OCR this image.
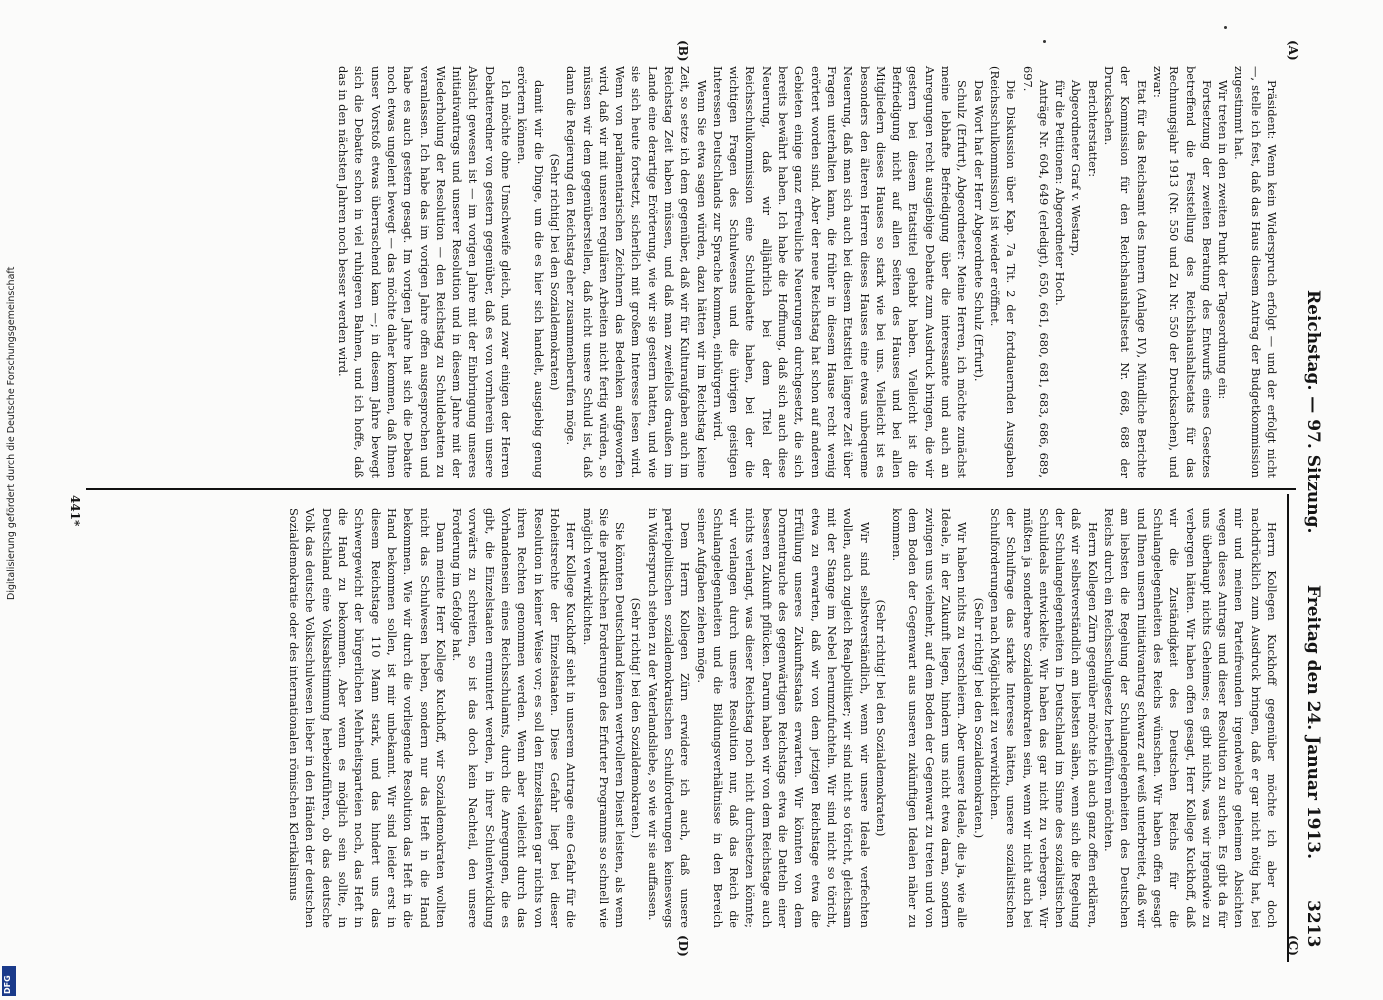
Reichstag. — 97. Sitzung.
Freitag den 24. Januar 1913.
3213

Präsident: Wenn kein Widerspruch erfolgt — und der erfolgt nicht —, stelle ich fest, daß das Haus diesem Antrag der Budgetkommission zugestimmt hat.

Wir treten in den zweiten Punkt der Tagesordnung ein:

Fortsetzung der zweiten Beratung des Entwurfs eines Gesetzes betreffend die Feststellung des Reichshaushaltsetats für das Rechnungsjahr 1913 (Nr. 550 und Zu Nr. 550 der Drucksachen), und zwar:

Etat für das Reichsamt des Innern (Anlage IV), Mündliche Berichte der Kommission für den Reichshaushaltsetat Nr. 668, 688 der Drucksachen.

Berichterstatter:

Abgeordneter Graf v. Westarp,

für die Petitionen: Abgeordneter Hoch.

Anträge Nr. 604, 649 (erledigt), 650, 661, 680, 681, 683, 686, 689, 697.

Die Diskussion über Kap. 7a Tit. 2 der fortdauernden Ausgaben (Reichsschulkommission) ist wieder eröffnet.

Das Wort hat der Herr Abgeordnete Schulz (Erfurt).

Schulz (Erfurt), Abgeordneter: Meine Herren, ich möchte zunächst meine lebhafte Befriedigung über die interessante und auch an Anregungen recht ausgiebige Debatte zum Ausdruck bringen, die wir gestern bei diesem Etatstitel gehabt haben. Vielleicht ist die Befriedigung nicht auf allen Seiten des Hauses und bei allen Mitgliedern dieses Hauses so stark wie bei uns. Vielleicht ist es besonders den älteren Herren dieses Hauses eine etwas unbequeme Neuerung, daß man sich auch bei diesem Etatstitel längere Zeit über Fragen unterhalten kann, die früher in diesem Hause recht wenig erörtert worden sind. Aber der neue Reichstag hat schon auf anderen Gebieten einige ganz erfreuliche Neuerungen durchgesetzt, die sich bereits bewährt haben. Ich habe die Hoffnung, daß sich auch diese Neuerung, daß wir alljährlich bei dem Titel der Reichsschulkommission eine Schuldebatte haben, bei der die wichtigen Fragen des Schulwesens und die übrigen geistigen Interessen Deutschlands zur Sprache kommen, einbürgern wird.

Wenn Sie etwa sagen würden, dazu hätten wir im Reichstag keine Zeit, so setze ich dem gegenüber, daß wir für Kulturaufgaben auch im Reichstag Zeit haben müssen, und daß man zweifellos draußen im Lande eine derartige Erörterung, wie wir sie gestern hatten, und wie sie sich heute fortsetzt, sicherlich mit großem Interesse lesen wird. Wenn von parlamentarischen Zeichnern das Bedenken aufgeworfen wird, daß wir mit unseren regulären Arbeiten nicht fertig würden, so müssen wir dem gegenüberstellen, daß nicht unsere Schuld ist, daß dann die Regierung den Reichstag eher zusammenberufen möge.

(Sehr richtig! bei den Sozialdemokraten)

damit wir die Dinge, um die es hier sich handelt, ausgiebig genug erörtern können.

Ich möchte ohne Umschweife gleich, und zwar einigen der Herren Debatteredner von gestern gegenüber, daß es von vornherein unsere Absicht gewesen ist — im vorigen Jahre mit der Einbringung unseres Initiativantrags und unserer Resolution und in diesem Jahre mit der Wiederholung der Resolution — den Reichstag zu Schuldebatten zu veranlassen. Ich habe das im vorigen Jahre offen ausgesprochen und habe es auch gestern gesagt. Im vorigen Jahre hat sich die Debatte noch etwas ungelent bewegt — das möchte daher kommen, daß Ihnen unser Vorstoß etwas überraschend kam —; in diesem Jahre bewegt sich die Debatte schon in viel ruhigeren Bahnen, und ich hoffe, daß das in den nächsten Jahren noch besser werden wird.

Herrn Kollegen Kuckhoff gegenüber möchte ich aber doch nachdrücklich zum Ausdruck bringen, daß er gar nicht nötig hat, bei mir und meinen Parteifreunden irgendwelche geheimen Absichten wegen dieses Antrags und dieser Resolution zu suchen. Es gibt da für uns überhaupt nichts Geheimes; es gibt nichts, was wir irgendwie zu verbergen hätten. Wir haben offen gesagt, Herr Kollege Kuckhoff, daß wir die Zuständigkeit des Deutschen Reichs für die Schulangelegenheiten des Reichs wünschen. Wir haben offen gesagt und Ihnen unsern Initiativantrag schwarz auf weiß unterbreitet, daß wir am liebsten die Regelung der Schulangelegenheiten des Deutschen Reichs durch ein Reichsschulgesetz herbeiführen möchten.

Herrn Kollegen Zürn gegenüber möchte ich auch ganz offen erklären, daß wir selbstverständlich am liebsten sähen, wenn sich die Regelung der Schulangelegenheiten in Deutschland im Sinne des sozialistischen Schulideals entwickelte. Wir haben das gar nicht zu verbergen. Wir müßten ja sonderbare Sozialdemokraten sein, wenn wir nicht auch bei der Schulfrage das starke Interesse hätten, unsere sozialistischen Schulforderungen nach Möglichkeit zu verwirklichen.

(Sehr richtig! bei den Sozialdemokraten.)

Wir haben nichts zu verschleiern. Aber unsere Ideale, die ja, wie alle Ideale, in der Zukunft liegen, hindern uns nicht etwa daran, sondern zwingen uns vielmehr, auf dem Boden der Gegenwart zu treten und von dem Boden der Gegenwart aus unseren zukünftigen Idealen näher zu kommen.

(Sehr richtig! bei den Sozialdemokraten)

Wir sind selbstverständlich, wenn wir unsere Ideale verfechten wollen, auch zugleich Realpolitiker; wir sind nicht so töricht, gleichsam mit der Stange im Nebel herumzufuchteln. Wir sind nicht so töricht, etwa zu erwarten, daß wir von dem jetzigen Reichstage etwa die Erfüllung unseres Zukunftsstaats erwarten. Wir könnten von dem Dornentrauche des gegenwärtigen Reichstags etwa die Datteln einer besseren Zukunft pflücken. Darum haben wir von dem Reichstage auch nichts verlangt, was dieser Reichstag noch nicht durchsetzen könnte; wir verlangen durch unsere Resolution nur, daß das Reich die Schulangelegenheiten und die Bildungsverhältnisse in den Bereich seiner Aufgaben ziehen möge.

Dem Herrn Kollegen Zürn erwidere ich auch, daß unsere parteipolitischen sozialdemokratischen Schulforderungen keineswegs in Widerspruch stehen zu der Vaterlandsliebe, so wie wir sie auffassen.

(Sehr richtig! bei den Sozialdemokraten.)

Sie könnten Deutschland keinen wertvolleren Dienst leisten, als wenn Sie die praktischen Forderungen des Erfurter Programms so schnell wie möglich verwirklichten.

Herr Kollege Kuckhoff sieht in unserem Antrage eine Gefahr für die Hoheitsrechte der Einzelstaaten. Diese Gefahr liegt bei dieser Resolution in keiner Weise vor; es soll den Einzelstaaten gar nichts von ihren Rechten genommen werden. Wenn aber vielleicht durch das Vorhandensein eines Reichsschulamts, durch die Anregungen, die es gibt, die Einzelstaaten ermuntert werden, in ihrer Schulentwicklung vorwärts zu schreiten, so ist das doch kein Nachteil, den unsere Forderung im Gefolge hat.

Dann meinte Herr Kollege Kuckhoff, wir Sozialdemokraten wollten nicht das Schulwesen heben, sondern nur das Heft in die Hand bekommen. Wie wir durch die vorliegende Resolution das Heft in die Hand bekommen sollen, ist mir unbekannt. Wir sind leider erst in diesem Reichstage 110 Mann stark, und das hindert uns das Schwergewicht der bürgerlichen Mehrheitsparteien noch, das Heft in die Hand zu bekommen. Aber wenn es möglich sein sollte, in Deutschland eine Volksabstimmung herbeizuführen, ob das deutsche Volk das deutsche Volksschulwesen lieber in den Händen der deutschen Sozialdemokratie oder des internationalen römischen Klerikalismus

(A)
(B)
(C)
(D)
441*
Digitalisierung gefördert durch die Deutsche Forschungsgemeinschaft
DFG
